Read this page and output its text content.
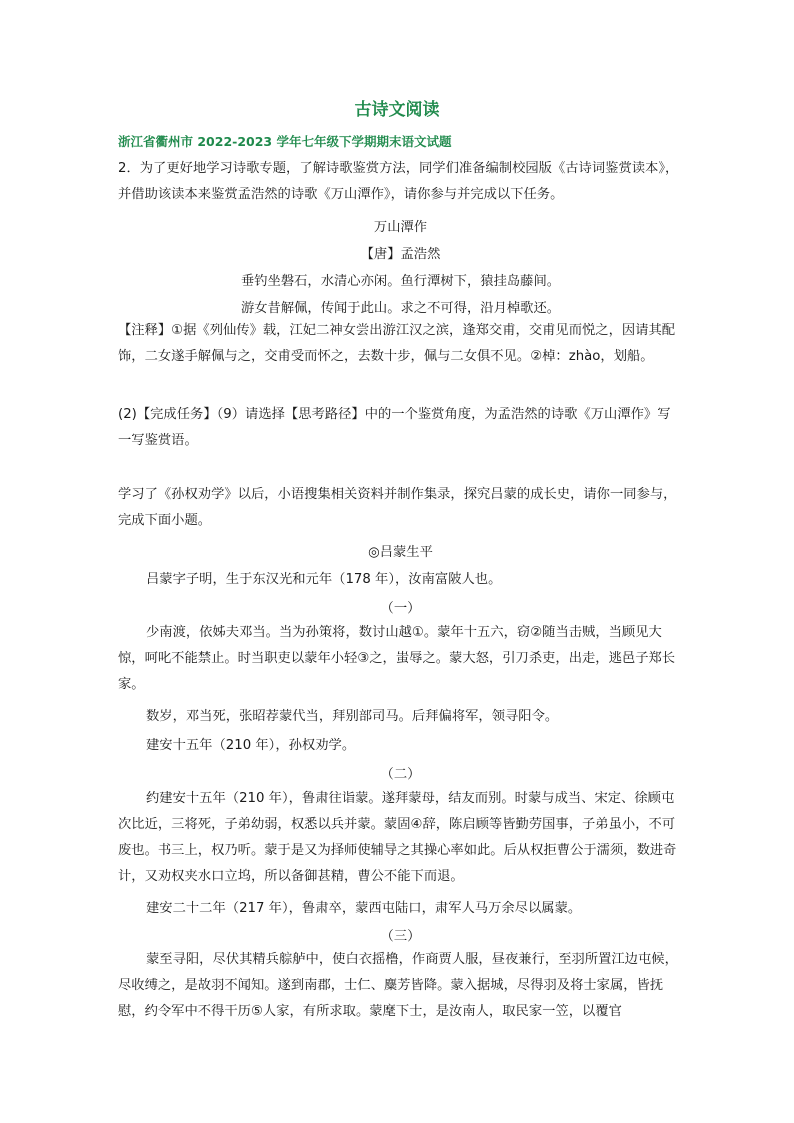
古诗文阅读
浙江省衢州市 2022-2023 学年七年级下学期期末语文试题
2．为了更好地学习诗歌专题，了解诗歌鉴赏方法，同学们准备编制校园版《古诗词鉴赏读本》，并借助该读本来鉴赏孟浩然的诗歌《万山潭作》，请你参与并完成以下任务。
万山潭作
【唐】孟浩然
垂钓坐磐石，水清心亦闲。鱼行潭树下，猿挂岛藤间。
游女昔解佩，传闻于此山。求之不可得，沿月棹歌还。
【注释】①据《列仙传》载，江妃二神女尝出游江汉之滨，逢郑交甫，交甫见而悦之，因请其配饰，二女遂手解佩与之，交甫受而怀之，去数十步，佩与二女俱不见。②棹：zhào，划船。
(2)【完成任务】（9）请选择【思考路径】中的一个鉴赏角度，为孟浩然的诗歌《万山潭作》写一写鉴赏语。
学习了《孙权劝学》以后，小语搜集相关资料并制作集录，探究吕蒙的成长史，请你一同参与，完成下面小题。
◎吕蒙生平
吕蒙字子明，生于东汉光和元年（178 年），汝南富陂人也。
（一）
少南渡，依姊夫邓当。当为孙策将，数讨山越①。蒙年十五六，窃②随当击贼，当顾见大惊，呵叱不能禁止。时当职吏以蒙年小轻③之，蚩辱之。蒙大怒，引刀杀吏，出走，逃邑子郑长家。
数岁，邓当死，张昭荐蒙代当，拜别部司马。后拜偏将军，领寻阳令。
建安十五年（210 年），孙权劝学。
（二）
约建安十五年（210 年），鲁肃往诣蒙。遂拜蒙母，结友而别。时蒙与成当、宋定、徐顾屯次比近，三将死，子弟幼弱，权悉以兵并蒙。蒙固④辞，陈启顾等皆勤劳国事，子弟虽小，不可废也。书三上，权乃听。蒙于是又为择师使辅导之其操心率如此。后从权拒曹公于濡须，数进奇计，又劝权夹水口立坞，所以备御甚精，曹公不能下而退。
建安二十二年（217 年），鲁肃卒，蒙西屯陆口，肃军人马万余尽以属蒙。
（三）
蒙至寻阳，尽伏其精兵䑸舻中，使白衣摇橹，作商贾人服，昼夜兼行，至羽所置江边屯候，尽收缚之，是故羽不闻知。遂到南郡，士仁、麋芳皆降。蒙入据城，尽得羽及将士家属，皆抚慰，约令军中不得干历⑤人家，有所求取。蒙麾下士，是汝南人，取民家一笠，以覆官
